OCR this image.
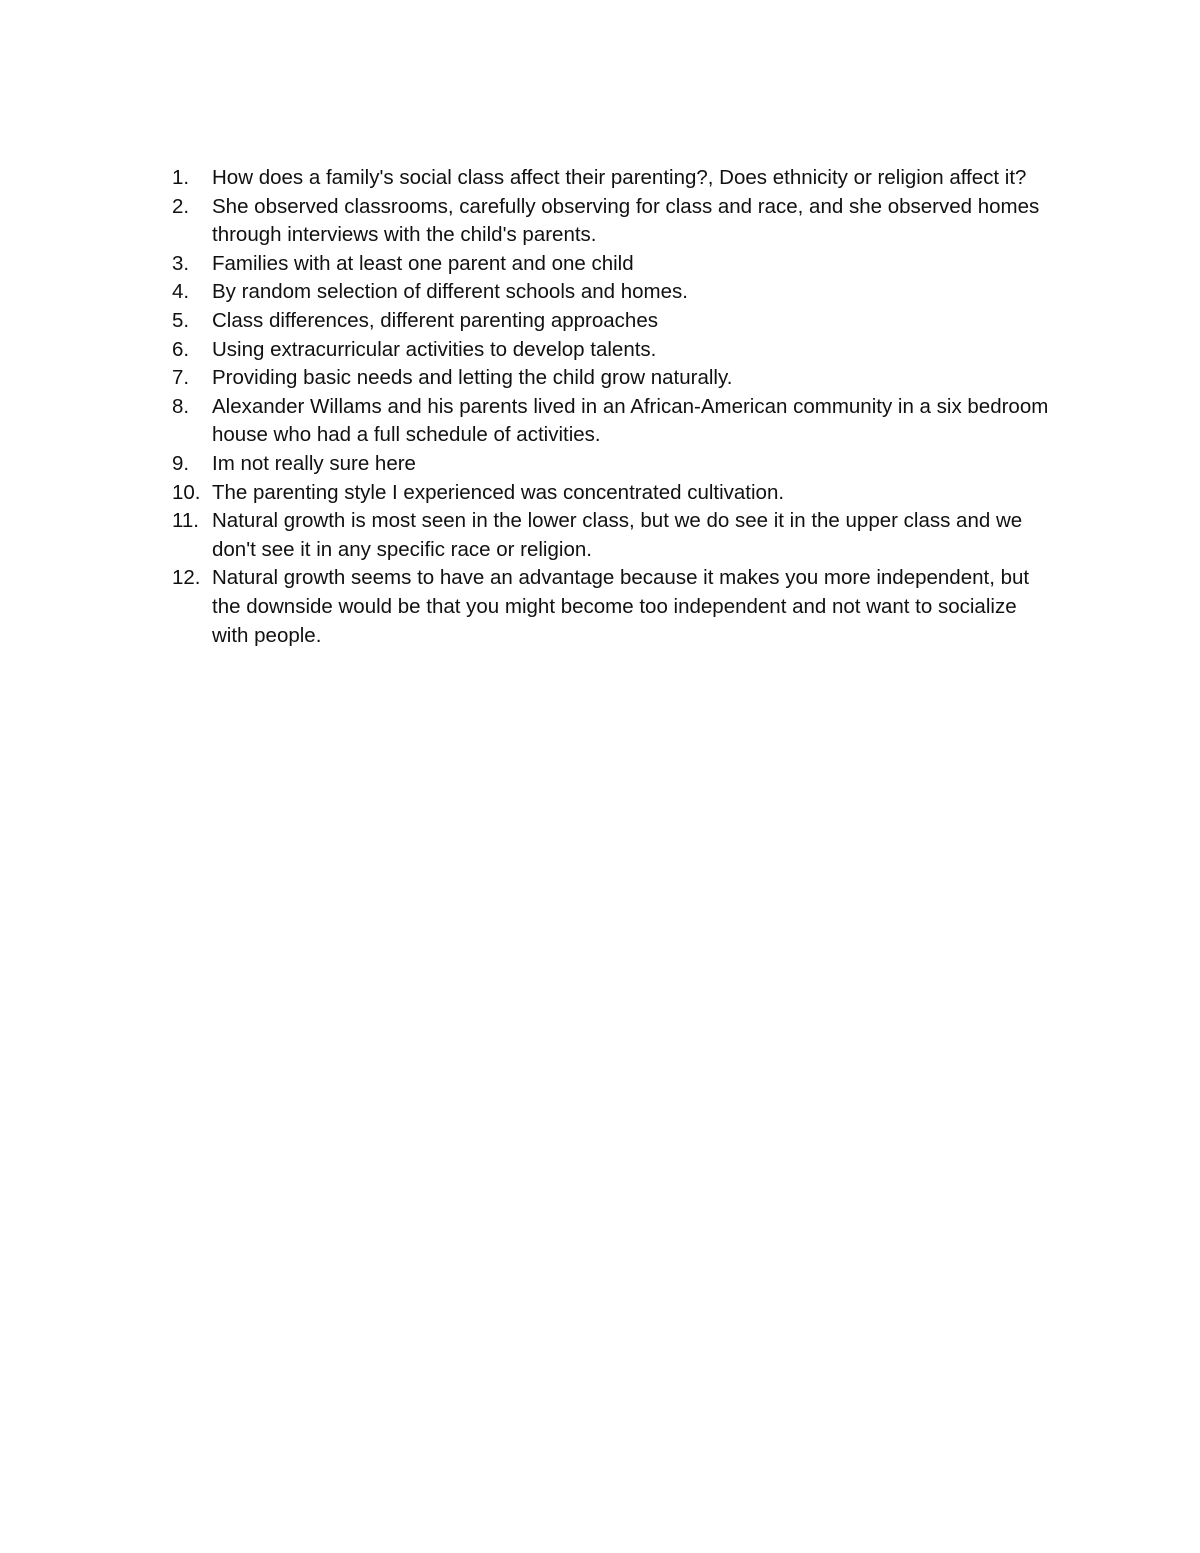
1.	How does a family's social class affect their parenting?, Does ethnicity or religion affect it?
2.	She observed classrooms, carefully observing for class and race, and she observed homes through interviews with the child's parents.
3.	Families with at least one parent and one child
4.	By random selection of different schools and homes.
5.	Class differences, different parenting approaches
6.	Using extracurricular activities to develop talents.
7.	Providing basic needs and letting the child grow naturally.
8.	Alexander Willams and his parents lived in an African-American community in a six bedroom house who had a full schedule of activities.
9.	Im not really sure here
10. The parenting style I experienced was concentrated cultivation.
11. Natural growth is most seen in the lower class, but we do see it in the upper class and we don't see it in any specific race or religion.
12. Natural growth seems to have an advantage because it makes you more independent, but the downside would be that you might become too independent and not want to socialize with people.
